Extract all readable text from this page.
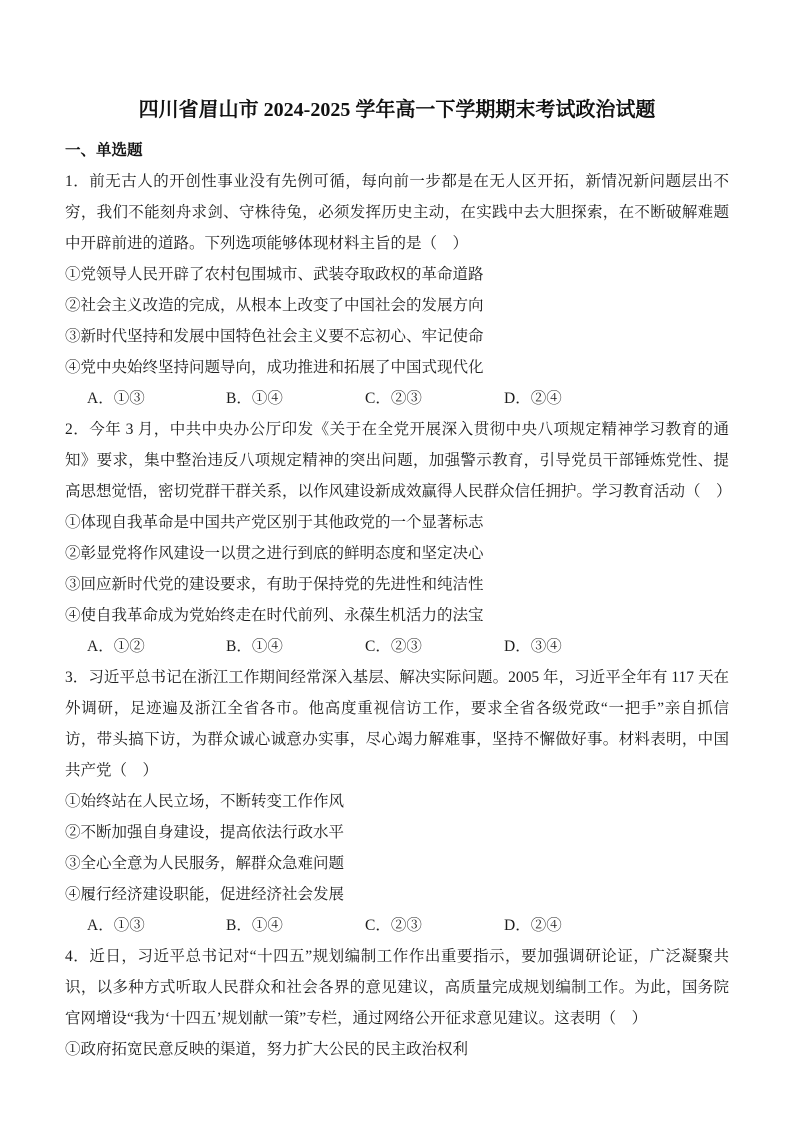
四川省眉山市 2024-2025 学年高一下学期期末考试政治试题

一、单选题

1．前无古人的开创性事业没有先例可循，每向前一步都是在无人区开拓，新情况新问题层出不穷，我们不能刻舟求剑、守株待兔，必须发挥历史主动，在实践中去大胆探索，在不断破解难题中开辟前进的道路。下列选项能够体现材料主旨的是（　）

①党领导人民开辟了农村包围城市、武装夺取政权的革命道路

②社会主义改造的完成，从根本上改变了中国社会的发展方向

③新时代坚持和发展中国特色社会主义要不忘初心、牢记使命

④党中央始终坚持问题导向，成功推进和拓展了中国式现代化

A．①③	B．①④	C．②③	D．②④

2．今年 3 月，中共中央办公厅印发《关于在全党开展深入贯彻中央八项规定精神学习教育的通知》要求，集中整治违反八项规定精神的突出问题，加强警示教育，引导党员干部锤炼党性、提高思想觉悟，密切党群干群关系，以作风建设新成效赢得人民群众信任拥护。学习教育活动（　）

①体现自我革命是中国共产党区别于其他政党的一个显著标志

②彰显党将作风建设一以贯之进行到底的鲜明态度和坚定决心

③回应新时代党的建设要求，有助于保持党的先进性和纯洁性

④使自我革命成为党始终走在时代前列、永葆生机活力的法宝

A．①②	B．①④	C．②③	D．③④

3．习近平总书记在浙江工作期间经常深入基层、解决实际问题。2005 年，习近平全年有 117 天在外调研，足迹遍及浙江全省各市。他高度重视信访工作，要求全省各级党政“一把手”亲自抓信访，带头搞下访，为群众诚心诚意办实事，尽心竭力解难事，坚持不懈做好事。材料表明，中国共产党（　）

①始终站在人民立场，不断转变工作作风

②不断加强自身建设，提高依法行政水平

③全心全意为人民服务，解群众急难问题

④履行经济建设职能，促进经济社会发展

A．①③	B．①④	C．②③	D．②④

4．近日，习近平总书记对“十四五”规划编制工作作出重要指示，要加强调研论证，广泛凝聚共识，以多种方式听取人民群众和社会各界的意见建议，高质量完成规划编制工作。为此，国务院官网增设“我为‘十四五’规划献一策”专栏，通过网络公开征求意见建议。这表明（　）

①政府拓宽民意反映的渠道，努力扩大公民的民主政治权利
